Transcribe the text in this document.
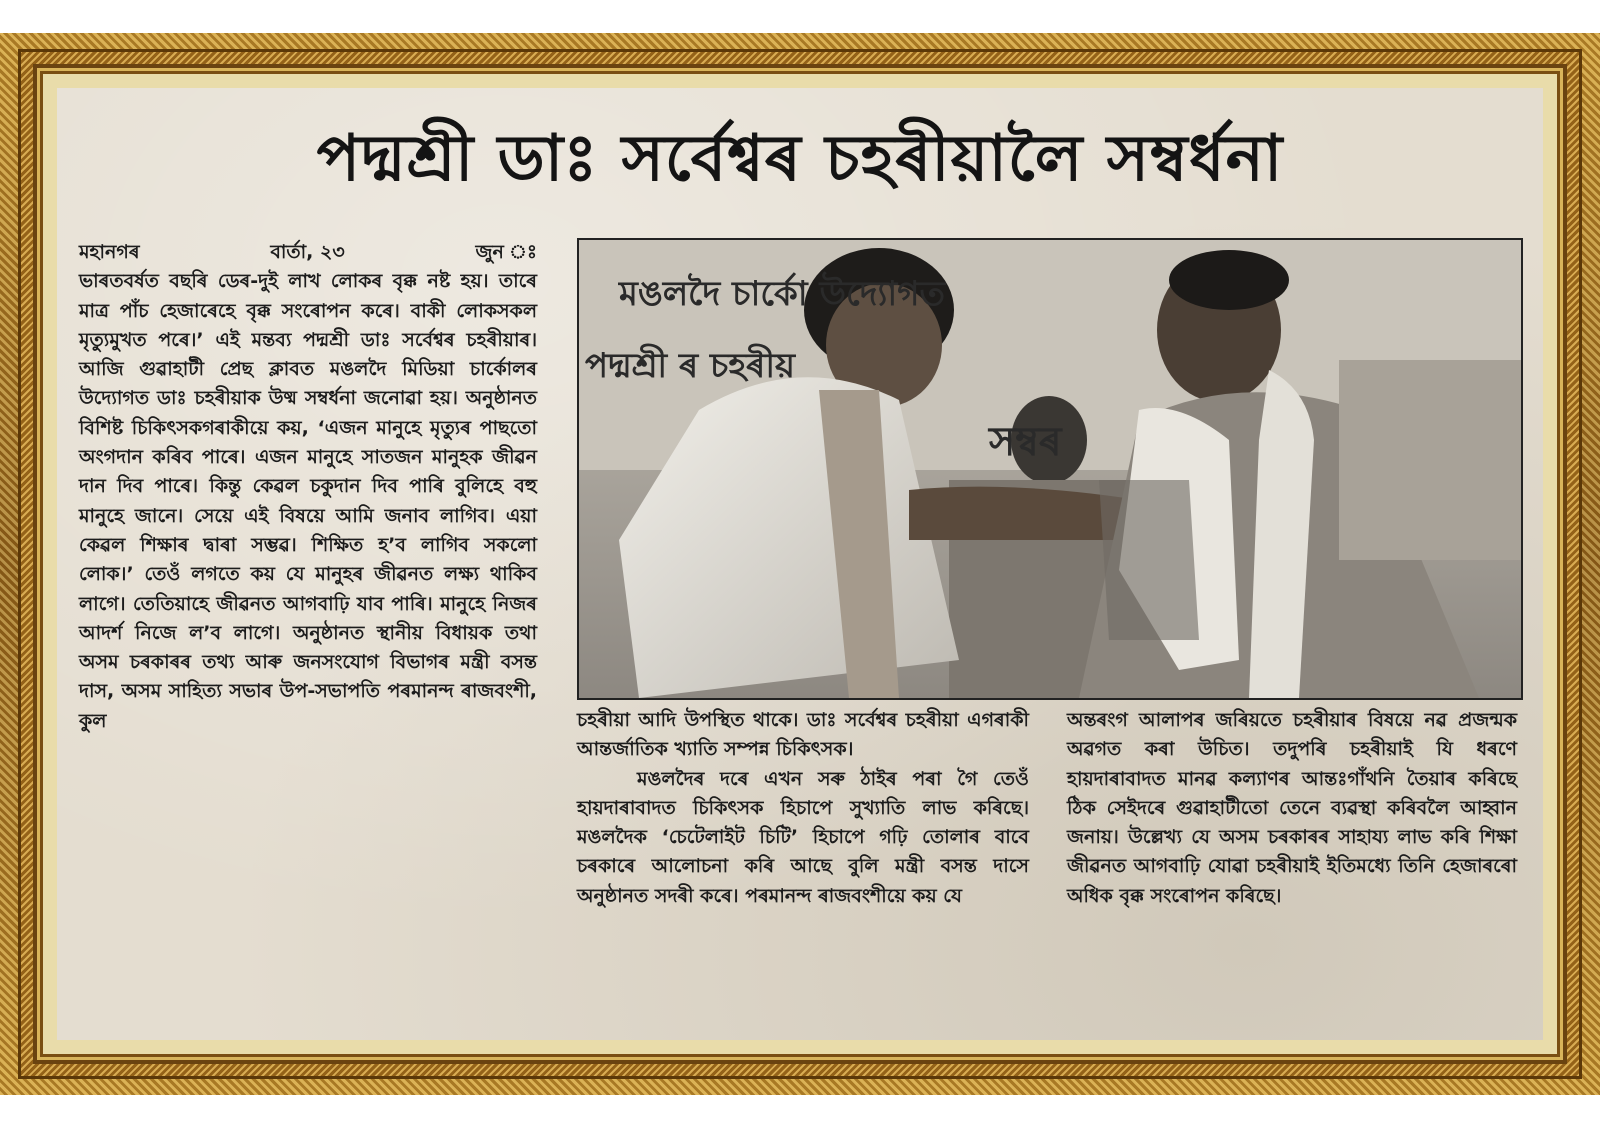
পদ্মশ্ৰী ডাঃ সৰ্বেশ্বৰ চহৰীয়ালৈ সম্বৰ্ধনা

মহানগৰ	বাৰ্তা, ২৩	জুন ঃ

ভাৰতবৰ্ষত বছৰি ডেৰ-দুই লাখ লোকৰ বৃক্ক নষ্ট হয়। তাৰে মাত্ৰ পাঁচ হেজাৰেহে বৃক্ক সংৰোপন কৰে। বাকী লোকসকল মৃত্যুমুখত পৰে।’ এই মন্তব্য পদ্মশ্ৰী ডাঃ সৰ্বেশ্বৰ চহৰীয়াৰ। আজি গুৱাহাটী প্ৰেছ ক্লাবত মঙলদৈ মিডিয়া চাৰ্কোলৰ উদ্যোগত ডাঃ চহৰীয়াক উষ্ম সম্বৰ্ধনা জনোৱা হয়। অনুষ্ঠানত বিশিষ্ট চিকিৎসকগৰাকীয়ে কয়, ‘এজন মানুহে মৃত্যুৰ পাছতো অংগদান কৰিব পাৰে। এজন মানুহে সাতজন মানুহক জীৱন দান দিব পাৰে। কিন্তু কেৱল চকুদান দিব পাৰি বুলিহে বহু মানুহে জানে। সেয়ে এই বিষয়ে আমি জনাব লাগিব। এয়া কেৱল শিক্ষাৰ দ্বাৰা সম্ভৱ। শিক্ষিত হ’ব লাগিব সকলো লোক।’ তেওঁ লগতে কয় যে মানুহৰ জীৱনত লক্ষ্য থাকিব লাগে। তেতিয়াহে জীৱনত আগবাঢ়ি যাব পাৰি। মানুহে নিজৰ আদৰ্শ নিজে ল’ব লাগে। অনুষ্ঠানত স্থানীয় বিধায়ক তথা অসম চৰকাৰৰ তথ্য আৰু জনসংযোগ বিভাগৰ মন্ত্ৰী বসন্ত দাস, অসম সাহিত্য সভাৰ উপ-সভাপতি পৰমানন্দ ৰাজবংশী, কুল

মঙলদৈ চাৰ্কো উদ্যোগত
পদ্মশ্ৰী ৰ চহৰীয়
সম্বৰ

চহৰীয়া আদি উপস্থিত থাকে। ডাঃ সৰ্বেশ্বৰ চহৰীয়া এগৰাকী আন্তৰ্জাতিক খ্যাতি সম্পন্ন চিকিৎসক।

মঙলদৈৰ দৰে এখন সৰু ঠাইৰ পৰা গৈ তেওঁ হায়দাৰাবাদত চিকিৎসক হিচাপে সুখ্যাতি লাভ কৰিছে। মঙলদৈক ‘চেটেলাইট চিটি’ হিচাপে গঢ়ি তোলাৰ বাবে চৰকাৰে আলোচনা কৰি আছে বুলি মন্ত্ৰী বসন্ত দাসে অনুষ্ঠানত সদৰী কৰে। পৰমানন্দ ৰাজবংশীয়ে কয় যে

অন্তৰংগ আলাপৰ জৰিয়তে চহৰীয়াৰ বিষয়ে নৱ প্ৰজন্মক অৱগত কৰা উচিত। তদুপৰি চহৰীয়াই যি ধৰণে হায়দাৰাবাদত মানৱ কল্যাণৰ আন্তঃগাঁথনি তৈয়াৰ কৰিছে ঠিক সেইদৰে গুৱাহাটীতো তেনে ব্যৱস্থা কৰিবলৈ আহ্বান জনায়। উল্লেখ্য যে অসম চৰকাৰৰ সাহায্য লাভ কৰি শিক্ষা জীৱনত আগবাঢ়ি যোৱা চহৰীয়াই ইতিমধ্যে তিনি হেজাৰৰো অধিক বৃক্ক সংৰোপন কৰিছে।
